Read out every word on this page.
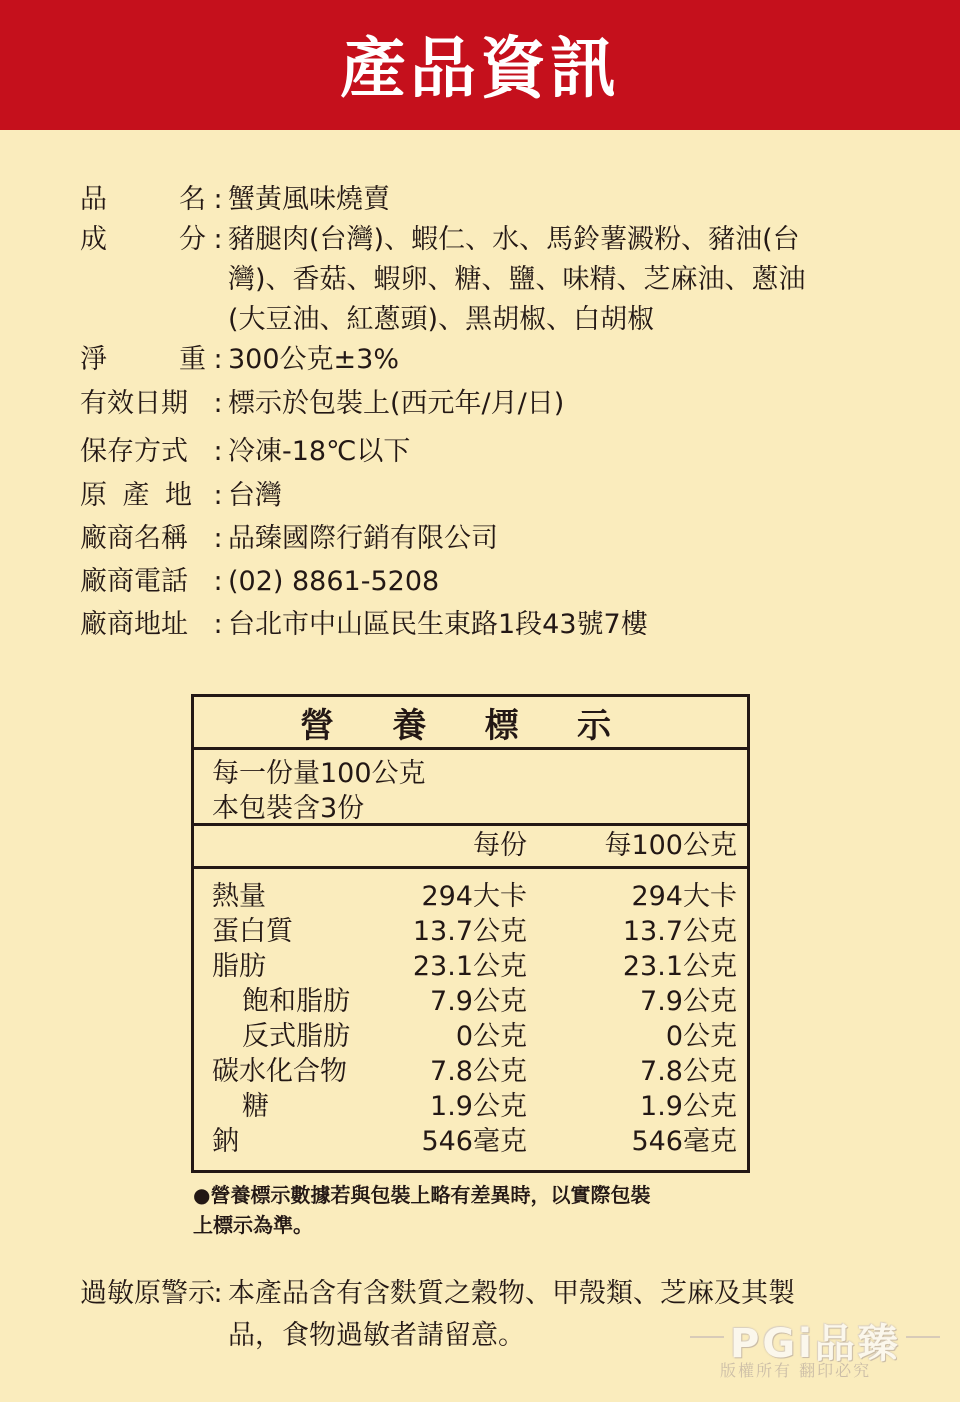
產品資訊
品	名 : 蟹黃風味燒賣
成	分 : 豬腿肉(台灣)、蝦仁、水、馬鈴薯澱粉、豬油(台
灣)、香菇、蝦卵、糖、鹽、味精、芝麻油、蔥油
(大豆油、紅蔥頭)、黑胡椒、白胡椒
淨	重 : 300公克±3%
有效日期 : 標示於包裝上(西元年/月/日)
保存方式 : 冷凍-18℃以下
原 產 地 : 台灣
廠商名稱 : 品臻國際行銷有限公司
廠商電話 : (02) 8861-5208
廠商地址 : 台北市中山區民生東路1段43號7樓
營 養 標 示
每一份量100公克
本包裝含3份
每份	每100公克
熱量	294大卡	294大卡
蛋白質	13.7公克	13.7公克
脂肪	23.1公克	23.1公克
飽和脂肪	7.9公克	7.9公克
反式脂肪	0公克	0公克
碳水化合物	7.8公克	7.8公克
糖	1.9公克	1.9公克
鈉	546毫克	546毫克
●營養標示數據若與包裝上略有差異時，以實際包裝
上標示為準。
過敏原警示
: 本產品含有含麩質之穀物、甲殼類、芝麻及其製
品，食物過敏者請留意。	PGi品臻
版權所有 翻印必究
